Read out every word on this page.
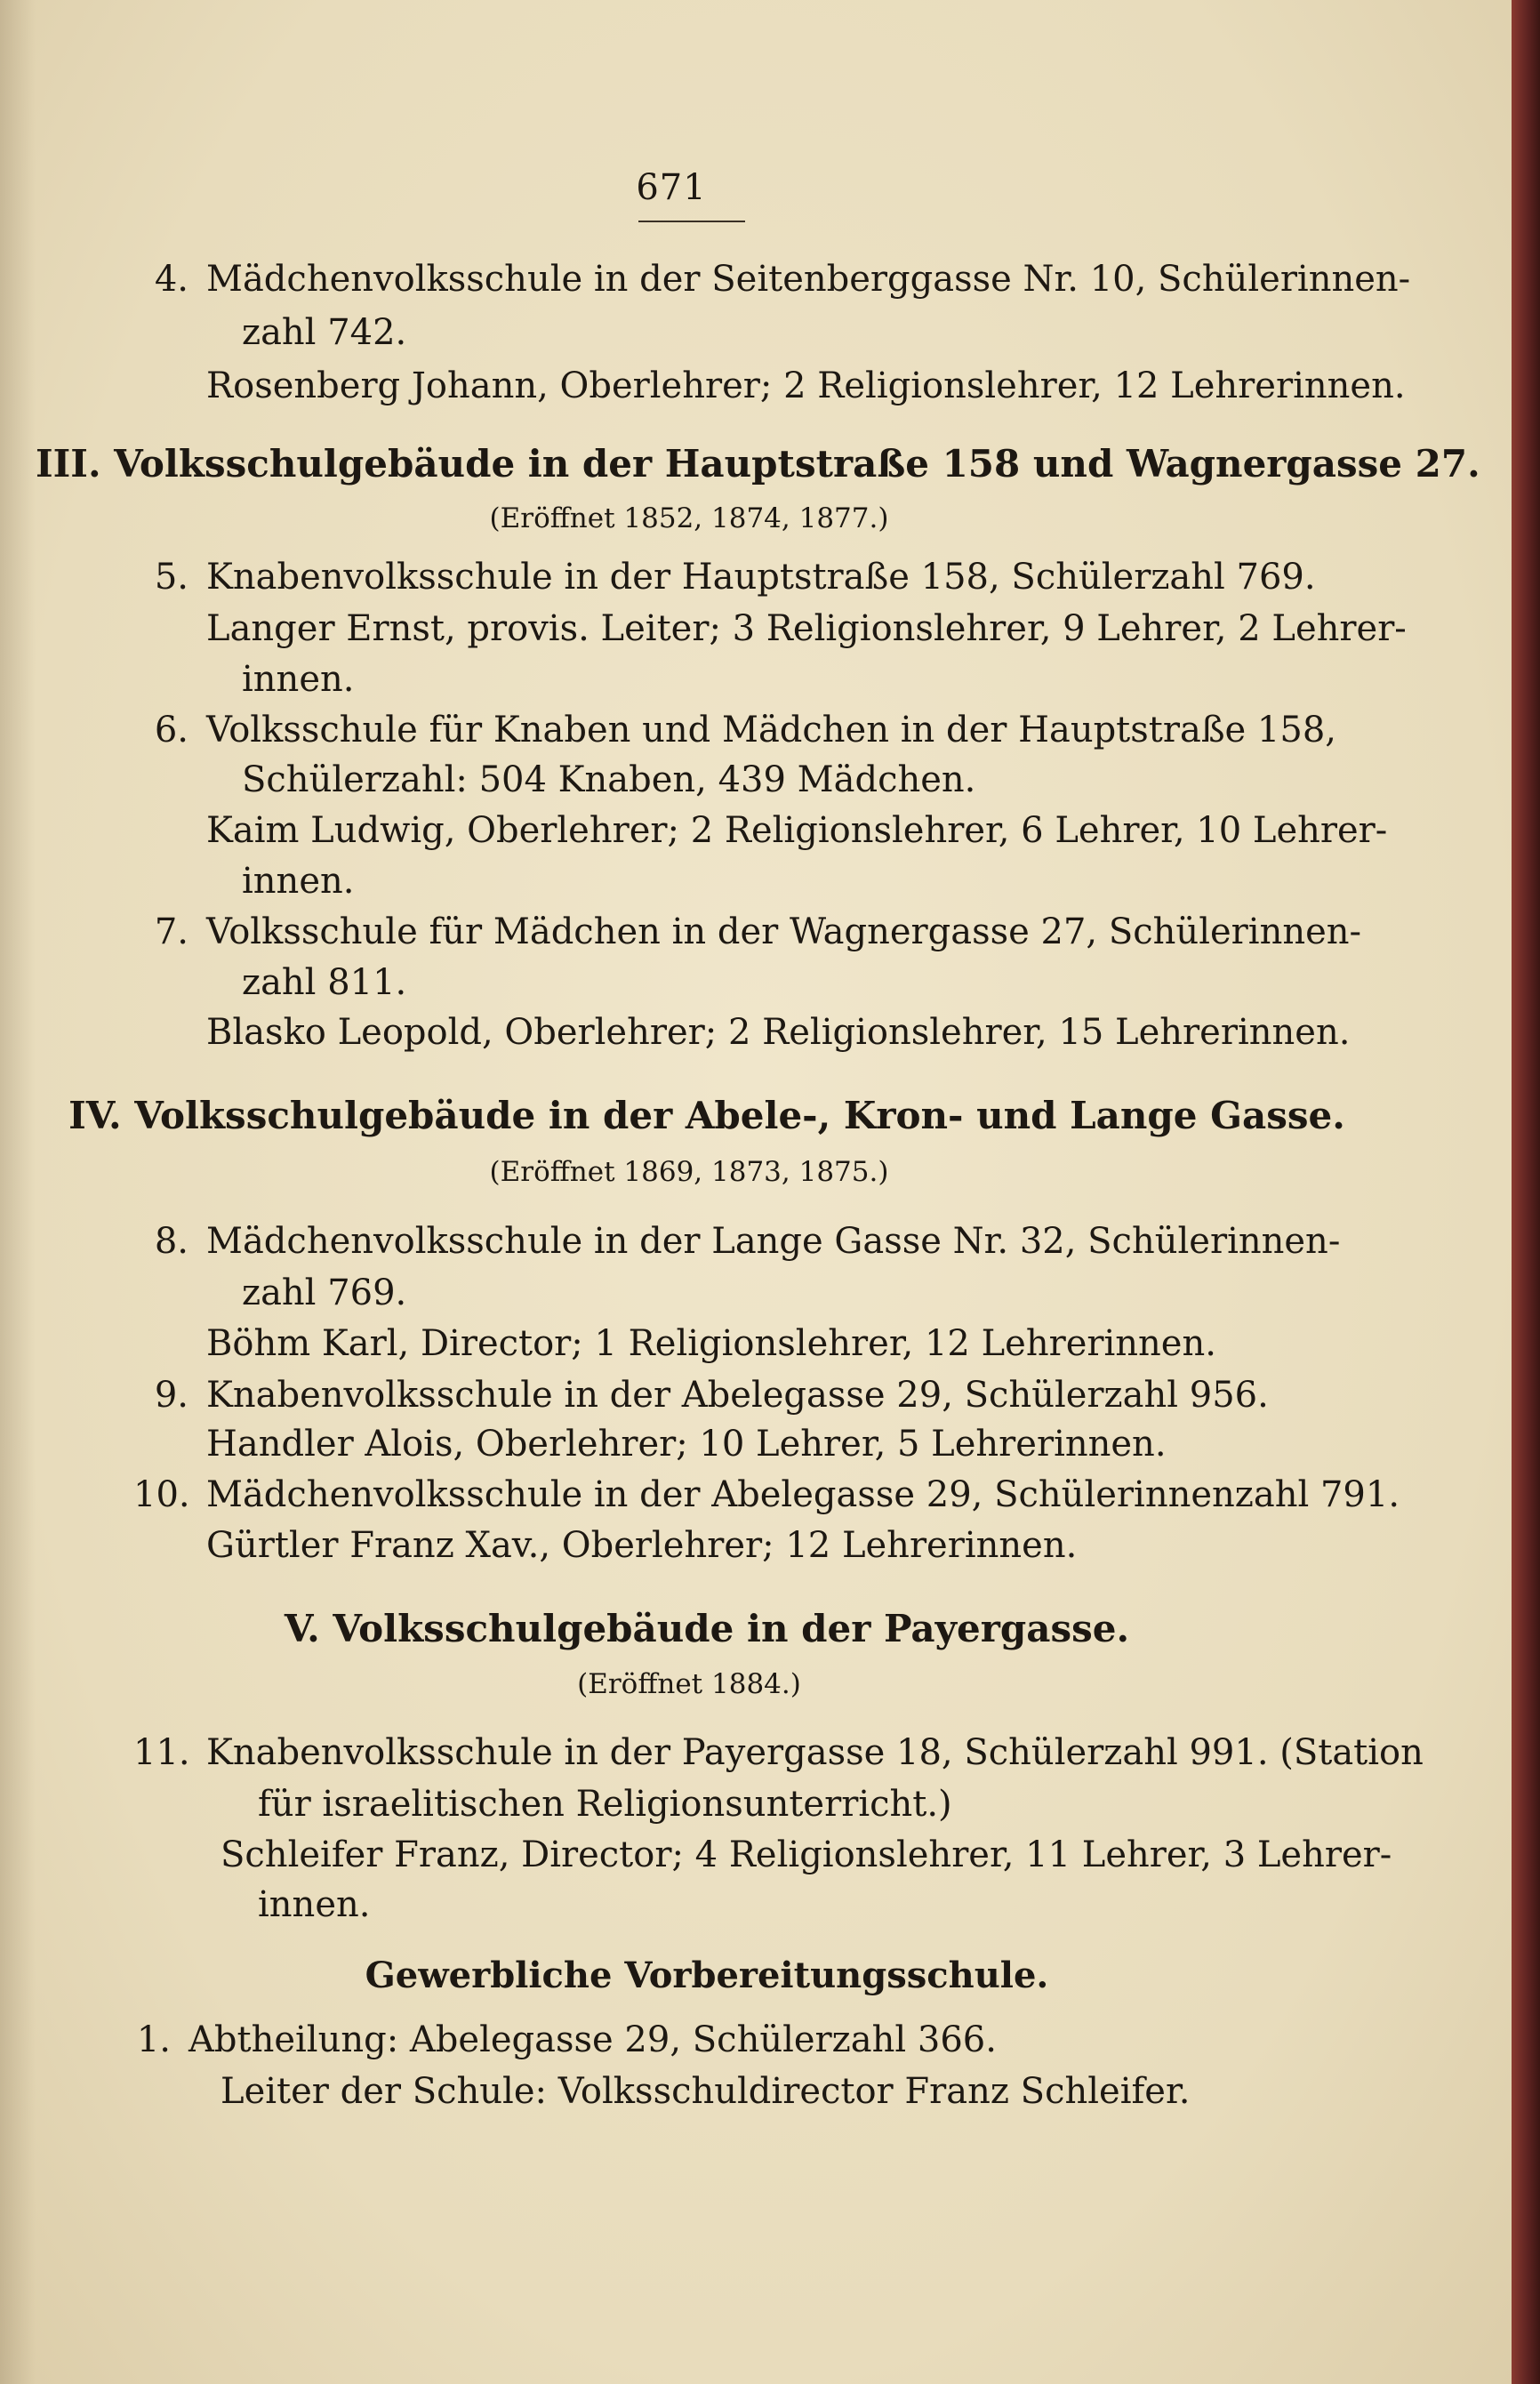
671
4. Mädchenvolksschule in der Seitenberggasse Nr. 10, Schülerinnen-
zahl 742.
Rosenberg Johann, Oberlehrer; 2 Religionslehrer, 12 Lehrerinnen.
III. Volksschulgebäude in der Hauptstraße 158 und Wagnergasse 27.
(Eröffnet 1852, 1874, 1877.)
5. Knabenvolksschule in der Hauptstraße 158, Schülerzahl 769.
Langer Ernst, provis. Leiter; 3 Religionslehrer, 9 Lehrer, 2 Lehrer-
innen.
6. Volksschule für Knaben und Mädchen in der Hauptstraße 158,
Schülerzahl: 504 Knaben, 439 Mädchen.
Kaim Ludwig, Oberlehrer; 2 Religionslehrer, 6 Lehrer, 10 Lehrer-
innen.
7. Volksschule für Mädchen in der Wagnergasse 27, Schülerinnen-
zahl 811.
Blasko Leopold, Oberlehrer; 2 Religionslehrer, 15 Lehrerinnen.
IV. Volksschulgebäude in der Abele-, Kron- und Lange Gasse.
(Eröffnet 1869, 1873, 1875.)
8. Mädchenvolksschule in der Lange Gasse Nr. 32, Schülerinnen-
zahl 769.
Böhm Karl, Director; 1 Religionslehrer, 12 Lehrerinnen.
9. Knabenvolksschule in der Abelegasse 29, Schülerzahl 956.
Handler Alois, Oberlehrer; 10 Lehrer, 5 Lehrerinnen.
10. Mädchenvolksschule in der Abelegasse 29, Schülerinnenzahl 791.
Gürtler Franz Xav., Oberlehrer; 12 Lehrerinnen.
V. Volksschulgebäude in der Payergasse.
(Eröffnet 1884.)
11. Knabenvolksschule in der Payergasse 18, Schülerzahl 991. (Station
für israelitischen Religionsunterricht.)
Schleifer Franz, Director; 4 Religionslehrer, 11 Lehrer, 3 Lehrer-
innen.
Gewerbliche Vorbereitungsschule.
1. Abtheilung: Abelegasse 29, Schülerzahl 366.
Leiter der Schule: Volksschuldirector Franz Schleifer.
